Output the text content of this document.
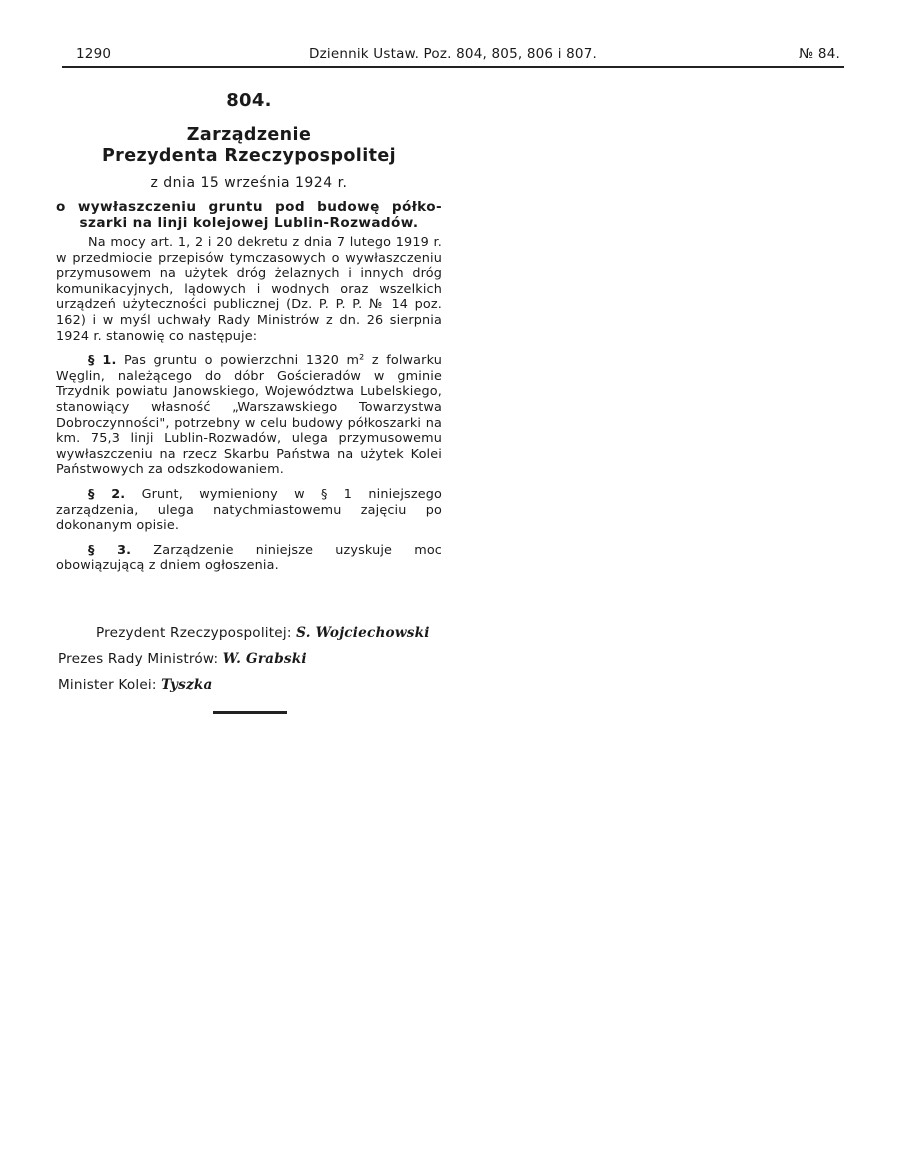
1290	Dziennik Ustaw. Poz. 804, 805, 806 i 807.	№ 84.
804.
Zarządzenie
Prezydenta Rzeczypospolitej
z dnia 15 września 1924 r.
o wywłaszczeniu gruntu pod budowę półko-
szarki na linji kolejowej Lublin-Rozwadów.

Na mocy art. 1, 2 i 20 dekretu z dnia 7 lutego 1919 r. w przedmiocie przepisów tymczasowych o wywłaszczeniu przymusowem na użytek dróg żelaznych i innych dróg komunikacyjnych, lądowych i wodnych oraz wszelkich urządzeń użyteczności publicznej (Dz. P. P. P. № 14 poz. 162) i w myśl uchwały Rady Ministrów z dn. 26 sierpnia 1924 r. stanowię co następuje:

§ 1. Pas gruntu o powierzchni 1320 m² z folwarku Węglin, należącego do dóbr Gościeradów w gminie Trzydnik powiatu Janowskiego, Województwa Lubelskiego, stanowiący własność „Warszawskiego Towarzystwa Dobroczynności", potrzebny w celu budowy półkoszarki na km. 75,3 linji Lublin-Rozwadów, ulega przymusowemu wywłaszczeniu na rzecz Skarbu Państwa na użytek Kolei Państwowych za odszkodowaniem.

§ 2. Grunt, wymieniony w § 1 niniejszego zarządzenia, ulega natychmiastowemu zajęciu po dokonanym opisie.

§ 3. Zarządzenie niniejsze uzyskuje moc obowiązującą z dniem ogłoszenia.

Prezydent Rzeczypospolitej: S. Wojciechowski
Prezes Rady Ministrów: W. Grabski
Minister Kolei: Tyszka
